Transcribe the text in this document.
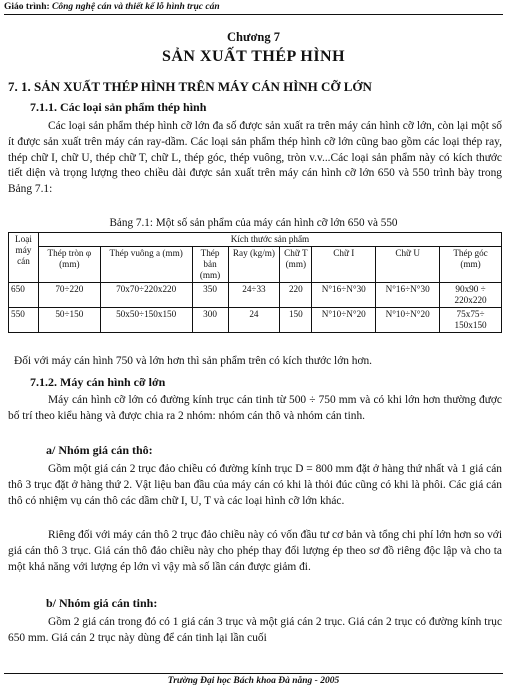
Giáo trình: Công nghệ cán và thiết kế lỗ hình trục cán
Chương 7
SẢN XUẤT THÉP HÌNH
7. 1. SẢN XUẤT THÉP HÌNH TRÊN MÁY CÁN HÌNH CỠ LỚN
7.1.1. Các loại sản phẩm thép hình
Các loại sản phẩm thép hình cỡ lớn đa số được sản xuất ra trên máy cán hình cỡ lớn, còn lại một số ít được sản xuất trên máy cán ray-dầm. Các loại sản phẩm thép hình cỡ lớn cũng bao gồm các loại thép ray, thép chữ I, chữ U, thép chữ T, chữ L, thép góc, thép vuông, tròn v.v...Các loại sản phẩm này có kích thước tiết diện và trọng lượng theo chiều dài được sản xuất trên máy cán hình cỡ lớn 650 và 550 trình bày trong Bảng 7.1:
Bảng 7.1: Một số sản phẩm của máy cán hình cỡ lớn 650 và 550
Loại máy cán	Kích thước sản phẩm							
	Thép tròn φ (mm)	Thép vuông a (mm)	Thép bản (mm)	Ray (kg/m)	Chữ T (mm)	Chữ I	Chữ U	Thép góc (mm)
650	70÷220	70x70÷220x220	350	24÷33	220	N°16÷N°30	N°16÷N°30	90x90 ÷ 220x220
550	50÷150	50x50÷150x150	300	24	150	N°10÷N°20	N°10÷N°20	75x75÷ 150x150
Đối với máy cán hình 750 và lớn hơn thì sản phẩm trên có kích thước lớn hơn.
7.1.2. Máy cán hình cỡ lớn
Máy cán hình cỡ lớn có đường kính trục cán tinh từ 500 ÷ 750 mm và có khi lớn hơn thường được bố trí theo kiểu hàng và được chia ra 2 nhóm: nhóm cán thô và nhóm cán tinh.
a/ Nhóm giá cán thô:
Gồm một giá cán 2 trục đảo chiều có đường kính trục D = 800 mm đặt ở hàng thứ nhất và 1 giá cán thô 3 trục đặt ở hàng thứ 2. Vật liệu ban đầu của máy cán có khi là thỏi đúc cũng có khi là phôi. Các giá cán thô có nhiệm vụ cán thô các dầm chữ I, U, T và các loại hình cỡ lớn khác.
Riêng đối với máy cán thô 2 trục đảo chiều này có vốn đầu tư cơ bản và tổng chi phí lớn hơn so với giá cán thô 3 trục. Giá cán thô đảo chiều này cho phép thay đổi lượng ép theo sơ đồ riêng độc lập và cho ta một khả năng với lượng ép lớn vì vậy mà số lần cán được giảm đi.
b/ Nhóm giá cán tinh:
Gồm 2 giá cán trong đó có 1 giá cán 3 trục và một giá cán 2 trục. Giá cán 2 trục có đường kính trục 650 mm. Giá cán 2 trục này dùng để cán tinh lại lần cuối
Trường Đại học Bách khoa Đà nẵng - 2005
